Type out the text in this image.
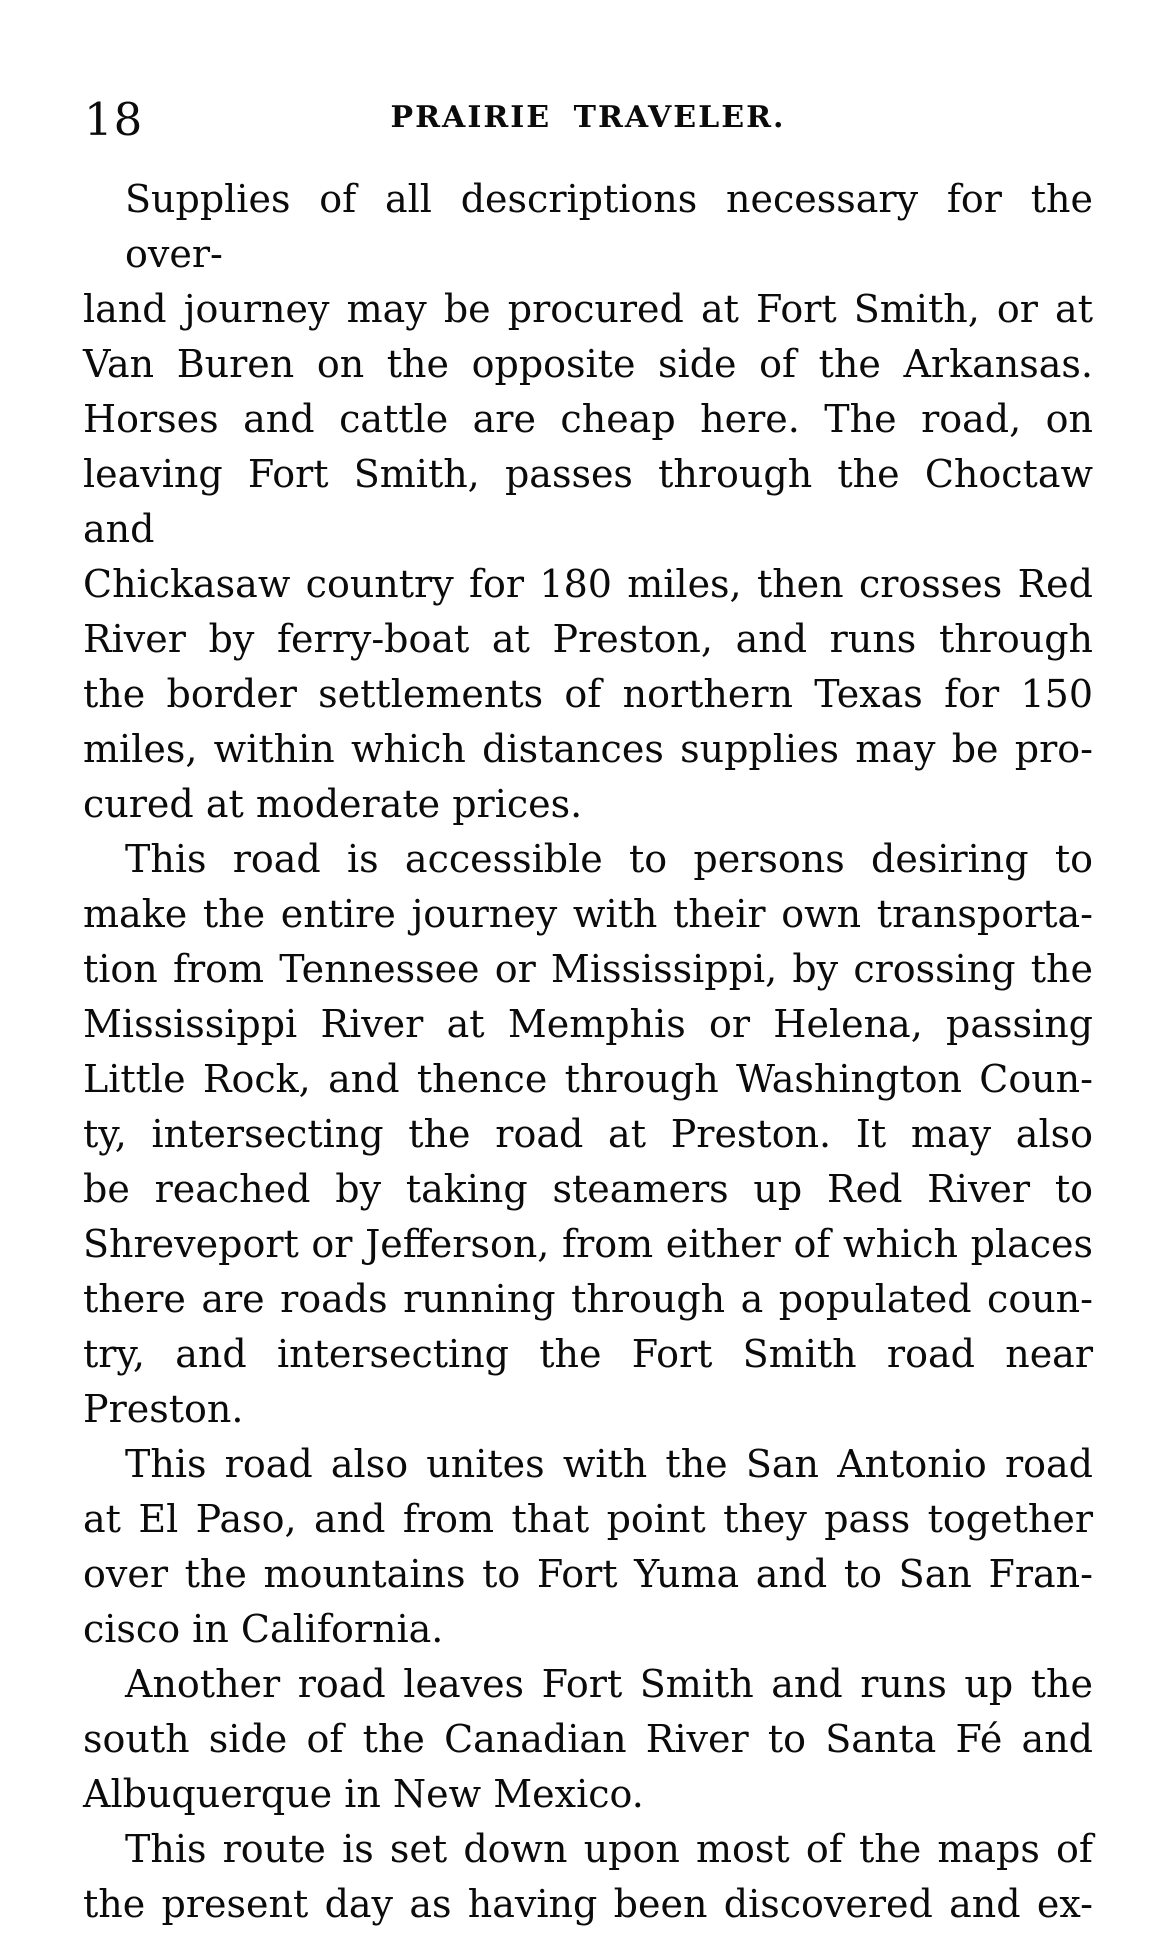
18	PRAIRIE TRAVELER.

Supplies of all descriptions necessary for the over-
land journey may be procured at Fort Smith, or at
Van Buren on the opposite side of the Arkansas.
Horses and cattle are cheap here. The road, on
leaving Fort Smith, passes through the Choctaw and
Chickasaw country for 180 miles, then crosses Red
River by ferry-boat at Preston, and runs through
the border settlements of northern Texas for 150
miles, within which distances supplies may be pro-
cured at moderate prices.

This road is accessible to persons desiring to
make the entire journey with their own transporta-
tion from Tennessee or Mississippi, by crossing the
Mississippi River at Memphis or Helena, passing
Little Rock, and thence through Washington Coun-
ty, intersecting the road at Preston. It may also
be reached by taking steamers up Red River to
Shreveport or Jefferson, from either of which places
there are roads running through a populated coun-
try, and intersecting the Fort Smith road near
Preston.

This road also unites with the San Antonio road
at El Paso, and from that point they pass together
over the mountains to Fort Yuma and to San Fran-
cisco in California.

Another road leaves Fort Smith and runs up the
south side of the Canadian River to Santa Fé and
Albuquerque in New Mexico.

This route is set down upon most of the maps of
the present day as having been discovered and ex-
